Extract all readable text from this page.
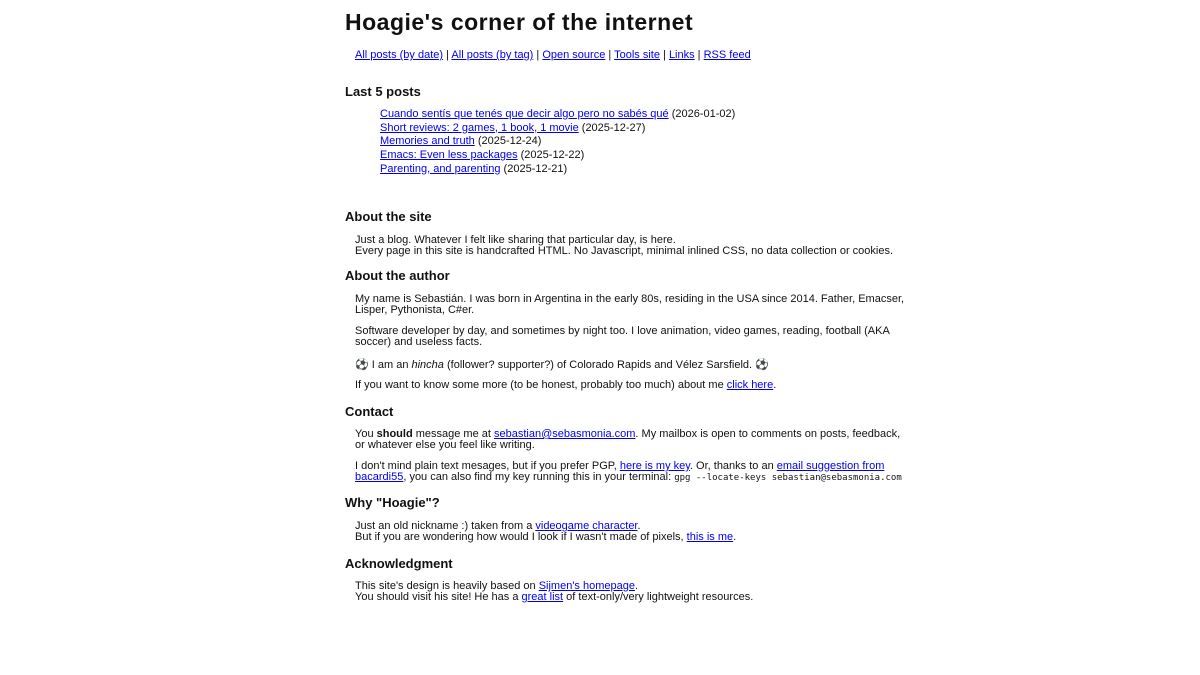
Hoagie's corner of the internet
All posts (by date) | All posts (by tag) | Open source | Tools site | Links | RSS feed
Last 5 posts
Cuando sentís que tenés que decir algo pero no sabés qué (2026-01-02)
Short reviews: 2 games, 1 book, 1 movie (2025-12-27)
Memories and truth (2025-12-24)
Emacs: Even less packages (2025-12-22)
Parenting, and parenting (2025-12-21)
About the site
Just a blog. Whatever I felt like sharing that particular day, is here.
Every page in this site is handcrafted HTML. No Javascript, minimal inlined CSS, no data collection or cookies.
About the author
My name is Sebastián. I was born in Argentina in the early 80s, residing in the USA since 2014. Father, Emacser,
Lisper, Pythonista, C#er.
Software developer by day, and sometimes by night too. I love animation, video games, reading, football (AKA
soccer) and useless facts.
⚽ I am an hincha (follower? supporter?) of Colorado Rapids and Vélez Sarsfield. ⚽
If you want to know some more (to be honest, probably too much) about me click here.
Contact
You should message me at sebastian@sebasmonia.com. My mailbox is open to comments on posts, feedback,
or whatever else you feel like writing.
I don't mind plain text mesages, but if you prefer PGP, here is my key. Or, thanks to an email suggestion from
bacardi55, you can also find my key running this in your terminal: gpg --locate-keys sebastian@sebasmonia.com
Why "Hoagie"?
Just an old nickname :) taken from a videogame character.
But if you are wondering how would I look if I wasn't made of pixels, this is me.
Acknowledgment
This site's design is heavily based on Sijmen's homepage.
You should visit his site! He has a great list of text-only/very lightweight resources.
